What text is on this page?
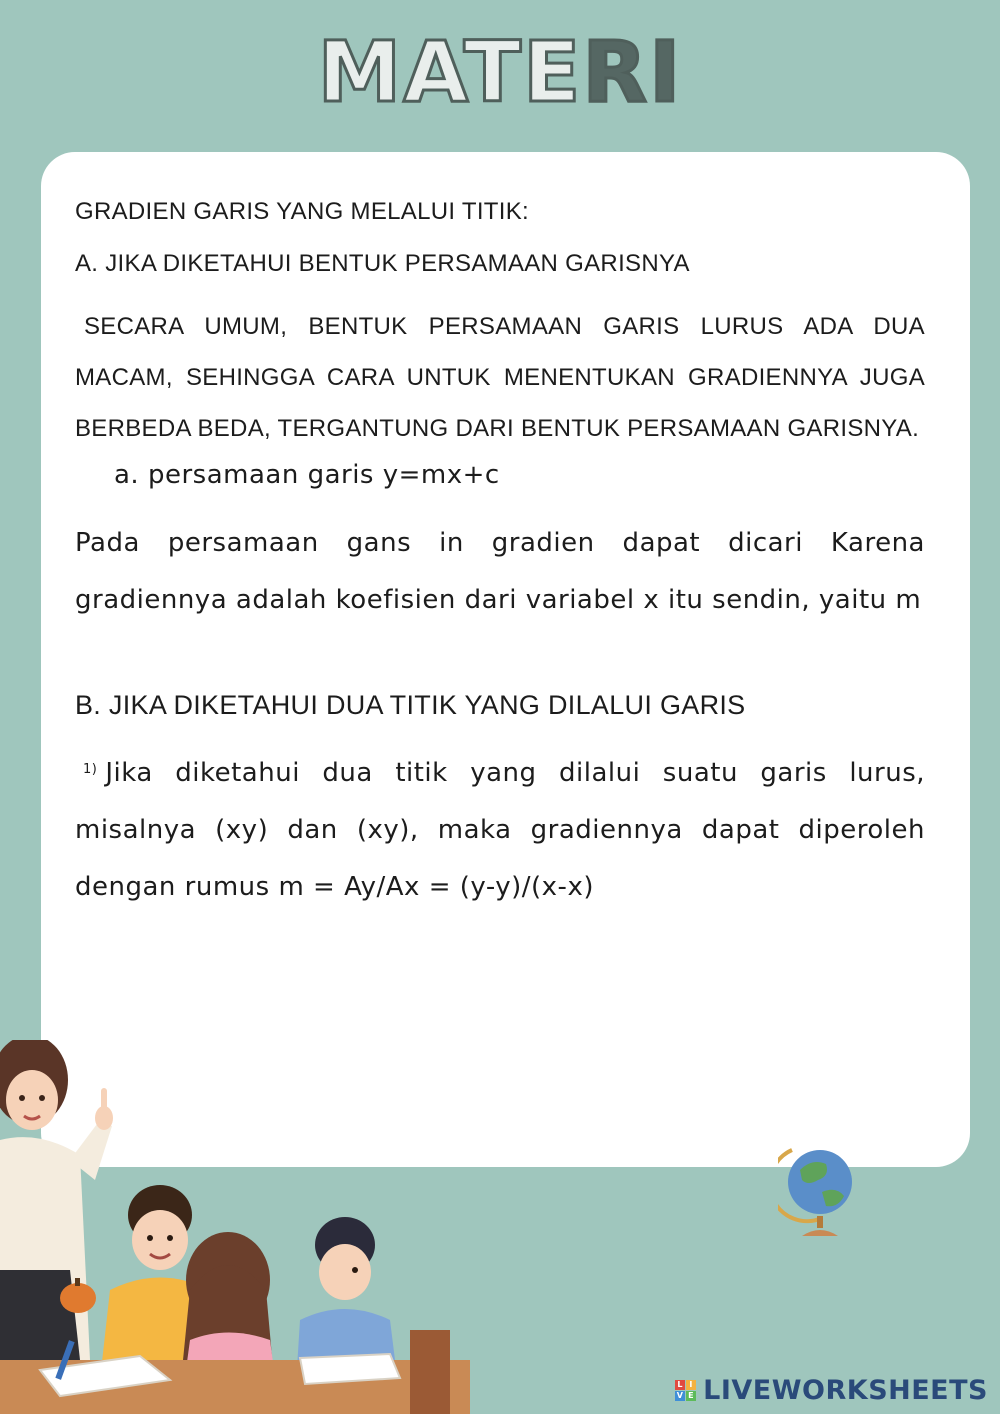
MATERI

GRADIEN GARIS YANG MELALUI TITIK:

A. JIKA DIKETAHUI BENTUK PERSAMAAN GARISNYA

SECARA UMUM, BENTUK PERSAMAAN GARIS LURUS ADA DUA MACAM, SEHINGGA CARA UNTUK MENENTUKAN GRADIENNYA JUGA BERBEDA BEDA, TERGANTUNG DARI BENTUK PERSAMAAN GARISNYA.

a. persamaan garis y=mx+c

Pada persamaan gans in gradien dapat dicari Karena gradiennya adalah koefisien dari variabel x itu sendin, yaitu m

B. JIKA DIKETAHUI DUA TITIK YANG DILALUI GARIS

$^{1)}$ Jika diketahui dua titik yang dilalui suatu garis lurus, misalnya (xy) dan (xy), maka gradiennya dapat diperoleh dengan rumus m = Ay/Ax = (y-y)/(x-x)

L I
V E LIVEWORKSHEETS
